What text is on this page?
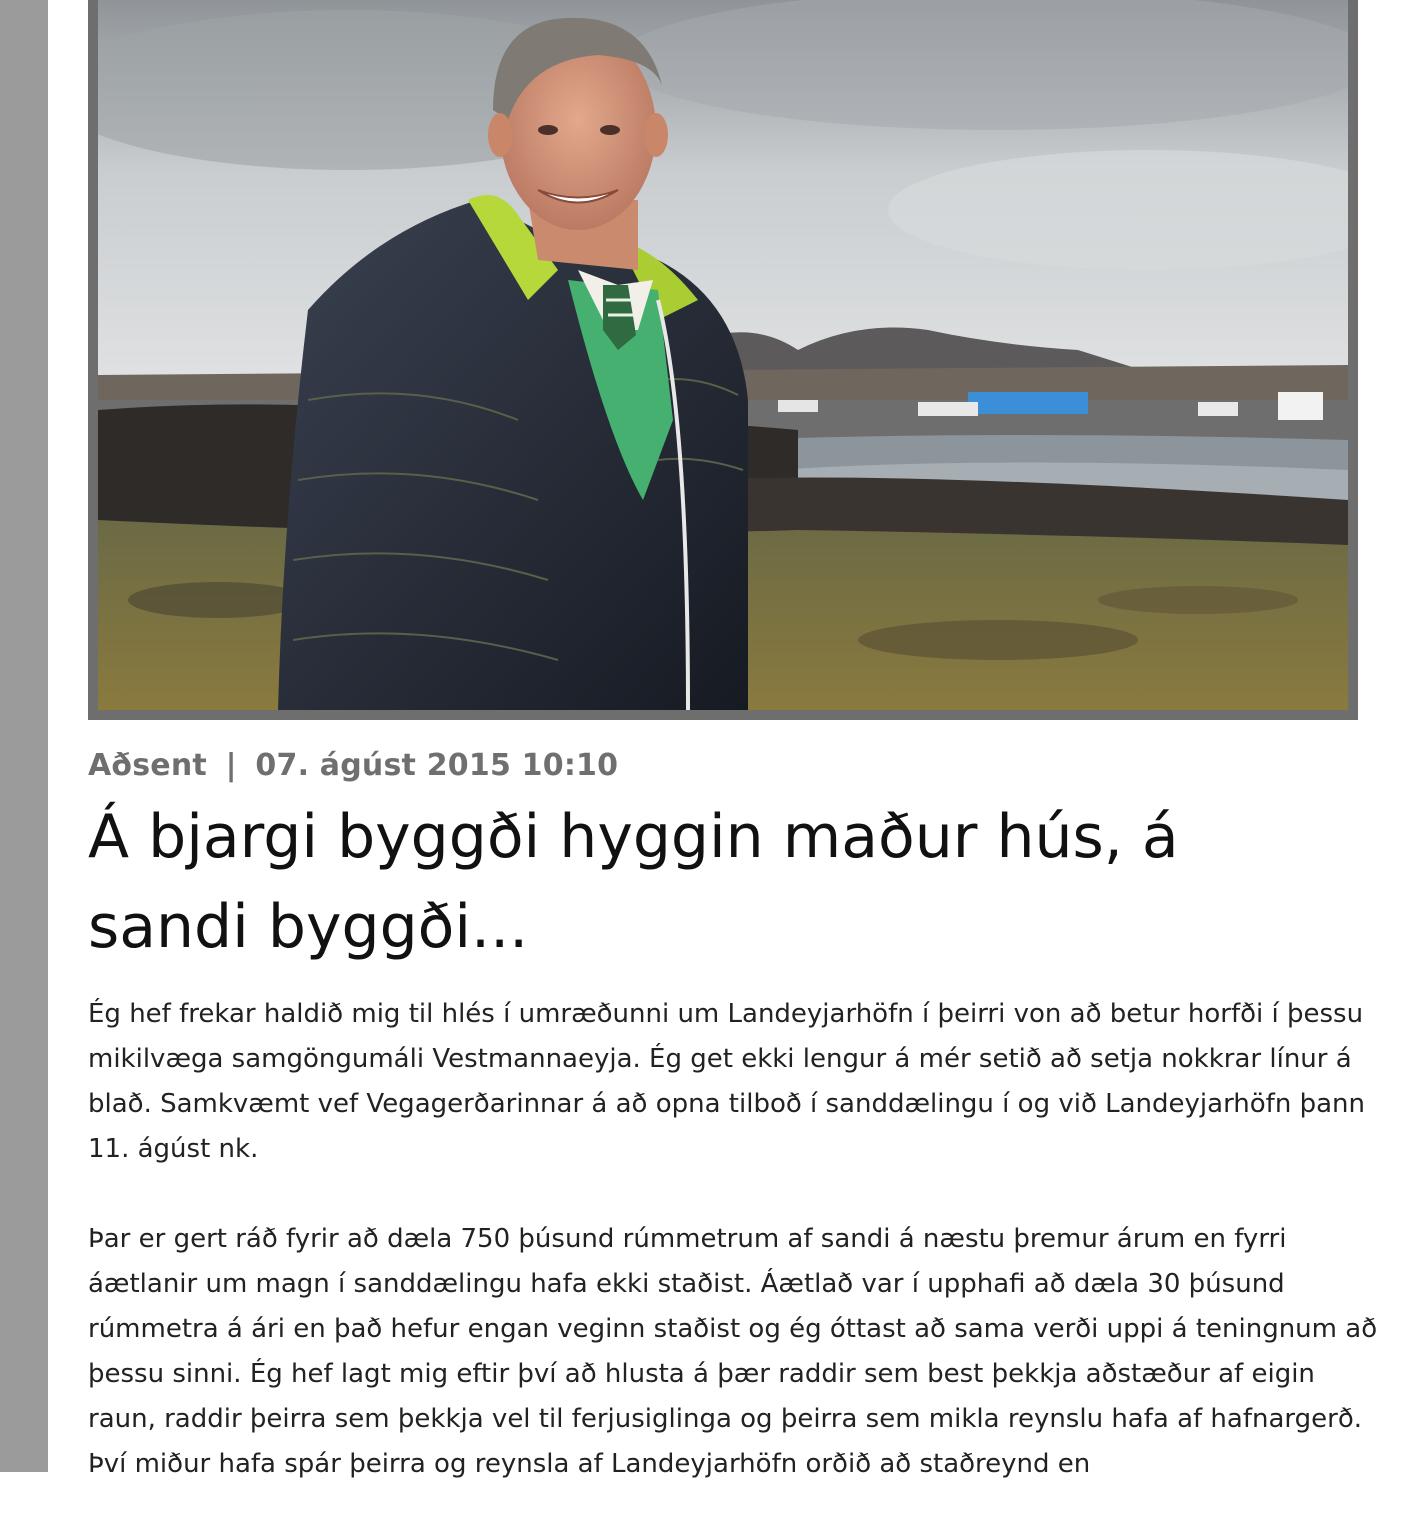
Aðsent | 07. ágúst 2015 10:10
Á bjargi byggði hyggin maður hús, á sandi byggði...

Ég hef frekar haldið mig til hlés í umræðunni um Landeyjarhöfn í þeirri von að betur horfði í þessu mikilvæga samgöngumáli Vestmannaeyja. Ég get ekki lengur á mér setið að setja nokkrar línur á blað. Samkvæmt vef Vegagerðarinnar á að opna tilboð í sanddælingu í og við Landeyjarhöfn þann 11. ágúst nk.

Þar er gert ráð fyrir að dæla 750 þúsund rúmmetrum af sandi á næstu þremur árum en fyrri áætlanir um magn í sanddælingu hafa ekki staðist. Áætlað var í upphafi að dæla 30 þúsund rúmmetra á ári en það hefur engan veginn staðist og ég óttast að sama verði uppi á teningnum að þessu sinni. Ég hef lagt mig eftir því að hlusta á þær raddir sem best þekkja aðstæður af eigin raun, raddir þeirra sem þekkja vel til ferjusiglinga og þeirra sem mikla reynslu hafa af hafnargerð. Því miður hafa spár þeirra og reynsla af Landeyjarhöfn orðið að staðreynd en
